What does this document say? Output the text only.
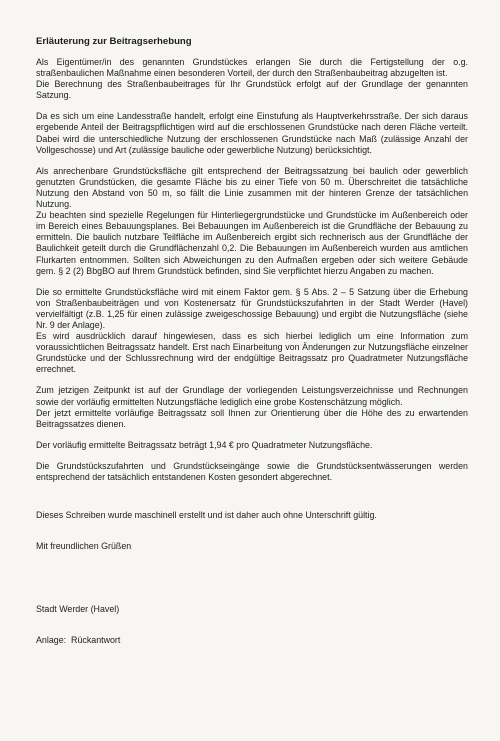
Erläuterung zur Beitragserhebung

Als Eigentümer/in des genannten Grundstückes erlangen Sie durch die Fertigstellung der o.g. straßenbaulichen Maßnahme einen besonderen Vorteil, der durch den Straßenbaubeitrag abzugelten ist.
Die Berechnung des Straßenbaubeitrages für Ihr Grundstück erfolgt auf der Grundlage der genannten Satzung.

Da es sich um eine Landesstraße handelt, erfolgt eine Einstufung als Hauptverkehrsstraße. Der sich daraus ergebende Anteil der Beitragspflichtigen wird auf die erschlossenen Grundstücke nach deren Fläche verteilt. Dabei wird die unterschiedliche Nutzung der erschlossenen Grundstücke nach Maß (zulässige Anzahl der Vollgeschosse) und Art (zulässige bauliche oder gewerbliche Nutzung) berücksichtigt.

Als anrechenbare Grundstücksfläche gilt entsprechend der Beitragssatzung bei baulich oder gewerblich genutzten Grundstücken, die gesamte Fläche bis zu einer Tiefe von 50 m. Überschreitet die tatsächliche Nutzung den Abstand von 50 m, so fällt die Linie zusammen mit der hinteren Grenze der tatsächlichen Nutzung.
Zu beachten sind spezielle Regelungen für Hinterliegergrundstücke und Grundstücke im Außenbereich oder im Bereich eines Bebauungsplanes. Bei Bebauungen im Außenbereich ist die Grundfläche der Bebauung zu ermitteln. Die baulich nutzbare Teilfläche im Außenbereich ergibt sich rechnerisch aus der Grundfläche der Baulichkeit geteilt durch die Grundflächenzahl 0,2. Die Bebauungen im Außenbereich wurden aus amtlichen Flurkarten entnommen. Sollten sich Abweichungen zu den Aufmaßen ergeben oder sich weitere Gebäude gem. § 2 (2) BbgBO auf Ihrem Grundstück befinden, sind Sie verpflichtet hierzu Angaben zu machen.

Die so ermittelte Grundstücksfläche wird mit einem Faktor gem. § 5 Abs. 2 – 5 Satzung über die Erhebung von Straßenbaubeiträgen und von Kostenersatz für Grundstückszufahrten in der Stadt Werder (Havel) vervielfältigt (z.B. 1,25 für einen zulässige zweigeschossige Bebauung) und ergibt die Nutzungsfläche (siehe Nr. 9 der Anlage).
Es wird ausdrücklich darauf hingewiesen, dass es sich hierbei lediglich um eine Information zum voraussichtlichen Beitragssatz handelt. Erst nach Einarbeitung von Änderungen zur Nutzungsfläche einzelner Grundstücke und der Schlussrechnung wird der endgültige Beitragssatz pro Quadratmeter Nutzungsfläche errechnet.

Zum jetzigen Zeitpunkt ist auf der Grundlage der vorliegenden Leistungsverzeichnisse und Rechnungen sowie der vorläufig ermittelten Nutzungsfläche lediglich eine grobe Kostenschätzung möglich.
Der jetzt ermittelte vorläufige Beitragssatz soll Ihnen zur Orientierung über die Höhe des zu erwartenden Beitragssatzes dienen.

Der vorläufig ermittelte Beitragssatz beträgt 1,94 € pro Quadratmeter Nutzungsfläche.

Die Grundstückszufahrten und Grundstückseingänge sowie die Grundstücksentwässerungen werden entsprechend der tatsächlich entstandenen Kosten gesondert abgerechnet.

Dieses Schreiben wurde maschinell erstellt und ist daher auch ohne Unterschrift gültig.

Mit freundlichen Grüßen

Stadt Werder (Havel)

Anlage:  Rückantwort
